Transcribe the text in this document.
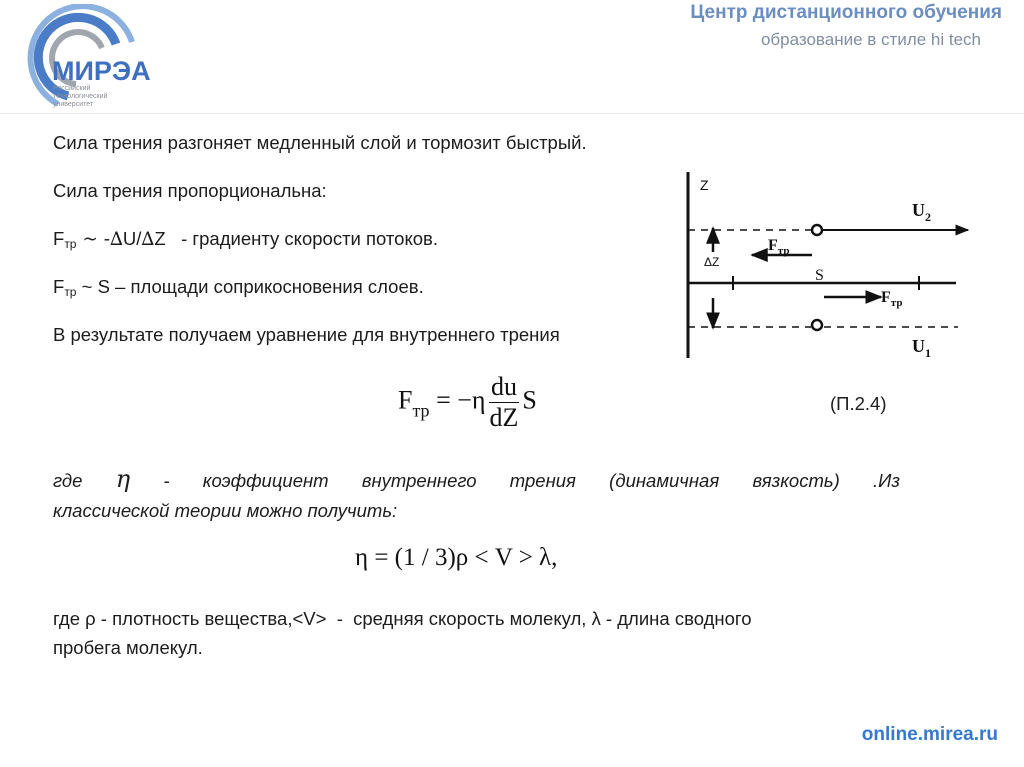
МИРЭА
Российский
технологический
университет
Центр дистанционного обучения
образование в стиле hi tech
Сила трения разгоняет медленный слой и тормозит быстрый.
Сила трения пропорциональна:
$F_{тр}$ ~ -∆U/∆Z   - градиенту скорости потоков.
$F_{тр}$ ~ S – площади соприкосновения слоев.
В результате получаем уравнение для внутреннего трения
$F_{тр} = -\eta \frac{du}{dZ}$ S	(П.2.4)
где η - коэффициент внутреннего трения (динамичная вязкость) .Из
классической теории можно получить:
η = (1 / 3)ρ < V > λ,
где ρ - плотность вещества,<V>  -  средняя скорость молекул, λ - длина сводного
пробега молекул.
Z
$U_2$
ΔZ
$F_{тр}$
S
$F_{тр}$
$U_1$
online.mirea.ru
